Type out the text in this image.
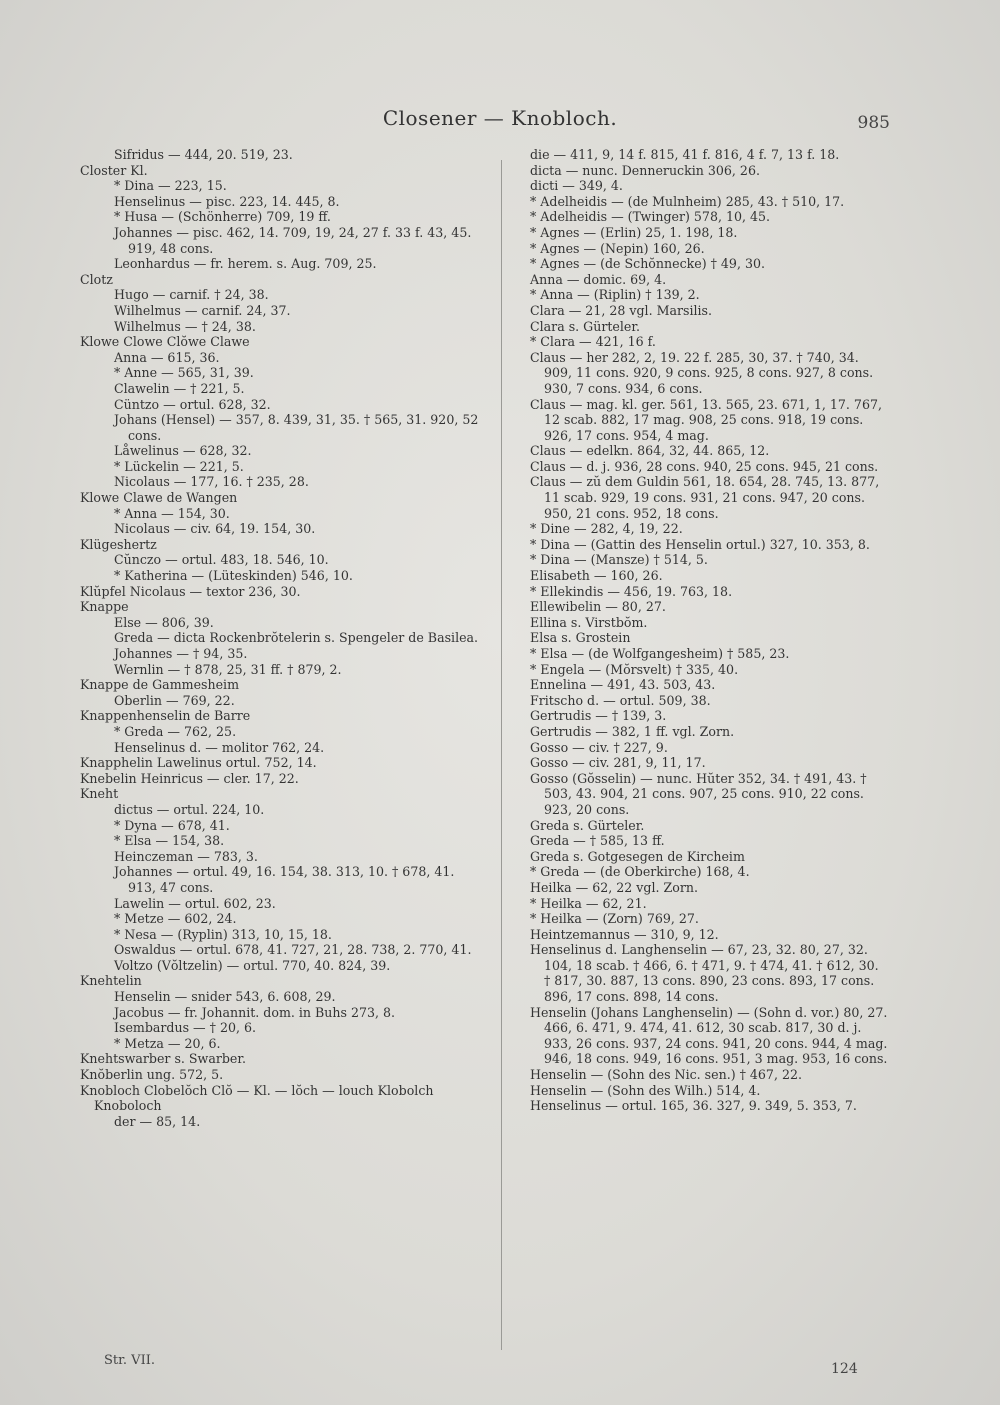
Closener — Knobloch.	985
Sifridus — 444, 20. 519, 23.
Closter Kl.
* Dina — 223, 15.
Henselinus — pisc. 223, 14. 445, 8.
* Husa — (Schönherre) 709, 19 ff.
Johannes — pisc. 462, 14. 709, 19, 24, 27 f. 33 f. 43, 45. 919, 48 cons.
Leonhardus — fr. herem. s. Aug. 709, 25.
Clotz
Hugo — carnif. † 24, 38.
Wilhelmus — carnif. 24, 37.
Wilhelmus — † 24, 38.
Klowe Clowe Clŏwe Clawe
Anna — 615, 36.
* Anne — 565, 31, 39.
Clawelin — † 221, 5.
Cüntzo — ortul. 628, 32.
Johans (Hensel) — 357, 8. 439, 31, 35. † 565, 31. 920, 52 cons.
Låwelinus — 628, 32.
* Lückelin — 221, 5.
Nicolaus — 177, 16. † 235, 28.
Klowe Clawe de Wangen
* Anna — 154, 30.
Nicolaus — civ. 64, 19. 154, 30.
Klügeshertz
Cŭnczo — ortul. 483, 18. 546, 10.
* Katherina — (Lüteskinden) 546, 10.
Klŭpfel Nicolaus — textor 236, 30.
Knappe
Else — 806, 39.
Greda — dicta Rockenbrŏtelerin s. Spengeler de Basilea.
Johannes — † 94, 35.
Wernlin — † 878, 25, 31 ff. † 879, 2.
Knappe de Gammesheim
Oberlin — 769, 22.
Knappenhenselin de Barre
* Greda — 762, 25.
Henselinus d. — molitor 762, 24.
Knapphelin Lawelinus ortul. 752, 14.
Knebelin Heinricus — cler. 17, 22.
Kneht
dictus — ortul. 224, 10.
* Dyna — 678, 41.
* Elsa — 154, 38.
Heinczeman — 783, 3.
Johannes — ortul. 49, 16. 154, 38. 313, 10. † 678, 41. 913, 47 cons.
Lawelin — ortul. 602, 23.
* Metze — 602, 24.
* Nesa — (Ryplin) 313, 10, 15, 18.
Oswaldus — ortul. 678, 41. 727, 21, 28. 738, 2. 770, 41.
Voltzo (Vŏltzelin) — ortul. 770, 40. 824, 39.
Knehtelin
Henselin — snider 543, 6. 608, 29.
Jacobus — fr. Johannit. dom. in Buhs 273, 8.
Isembardus — † 20, 6.
* Metza — 20, 6.
Knehtswarber s. Swarber.
Knŏberlin ung. 572, 5.
Knobloch Clobelŏch Clŏ — Kl. — lŏch — louch Klobolch Knoboloch
der — 85, 14.
die — 411, 9, 14 f. 815, 41 f. 816, 4 f. 7, 13 f. 18.
dicta — nunc. Denneruckin 306, 26.
dicti — 349, 4.
* Adelheidis — (de Mulnheim) 285, 43. † 510, 17.
* Adelheidis — (Twinger) 578, 10, 45.
* Agnes — (Erlin) 25, 1. 198, 18.
* Agnes — (Nepin) 160, 26.
* Agnes — (de Schŏnnecke) † 49, 30.
Anna — domic. 69, 4.
* Anna — (Riplin) † 139, 2.
Clara — 21, 28 vgl. Marsilis.
Clara s. Gürteler.
* Clara — 421, 16 f.
Claus — her 282, 2, 19. 22 f. 285, 30, 37. † 740, 34. 909, 11 cons. 920, 9 cons. 925, 8 cons. 927, 8 cons. 930, 7 cons. 934, 6 cons.
Claus — mag. kl. ger. 561, 13. 565, 23. 671, 1, 17. 767, 12 scab. 882, 17 mag. 908, 25 cons. 918, 19 cons. 926, 17 cons. 954, 4 mag.
Claus — edelkn. 864, 32, 44. 865, 12.
Claus — d. j. 936, 28 cons. 940, 25 cons. 945, 21 cons.
Claus — zŭ dem Guldin 561, 18. 654, 28. 745, 13. 877, 11 scab. 929, 19 cons. 931, 21 cons. 947, 20 cons. 950, 21 cons. 952, 18 cons.
* Dine — 282, 4, 19, 22.
* Dina — (Gattin des Henselin ortul.) 327, 10. 353, 8.
* Dina — (Mansze) † 514, 5.
Elisabeth — 160, 26.
* Ellekindis — 456, 19. 763, 18.
Ellewibelin — 80, 27.
Ellina s. Virstbŏm.
Elsa s. Grostein
* Elsa — (de Wolfgangesheim) † 585, 23.
* Engela — (Mŏrsvelt) † 335, 40.
Ennelina — 491, 43. 503, 43.
Fritscho d. — ortul. 509, 38.
Gertrudis — † 139, 3.
Gertrudis — 382, 1 ff. vgl. Zorn.
Gosso — civ. † 227, 9.
Gosso — civ. 281, 9, 11, 17.
Gosso (Gŏsselin) — nunc. Hŭter 352, 34. † 491, 43. † 503, 43. 904, 21 cons. 907, 25 cons. 910, 22 cons. 923, 20 cons.
Greda s. Gürteler.
Greda — † 585, 13 ff.
Greda s. Gotgesegen de Kircheim
* Greda — (de Oberkirche) 168, 4.
Heilka — 62, 22 vgl. Zorn.
* Heilka — 62, 21.
* Heilka — (Zorn) 769, 27.
Heintzemannus — 310, 9, 12.
Henselinus d. Langhenselin — 67, 23, 32. 80, 27, 32. 104, 18 scab. † 466, 6. † 471, 9. † 474, 41. † 612, 30. † 817, 30. 887, 13 cons. 890, 23 cons. 893, 17 cons. 896, 17 cons. 898, 14 cons.
Henselin (Johans Langhenselin) — (Sohn d. vor.) 80, 27. 466, 6. 471, 9. 474, 41. 612, 30 scab. 817, 30 d. j. 933, 26 cons. 937, 24 cons. 941, 20 cons. 944, 4 mag. 946, 18 cons. 949, 16 cons. 951, 3 mag. 953, 16 cons.
Henselin — (Sohn des Nic. sen.) † 467, 22.
Henselin — (Sohn des Wilh.) 514, 4.
Henselinus — ortul. 165, 36. 327, 9. 349, 5. 353, 7.
Str. VII.
124
